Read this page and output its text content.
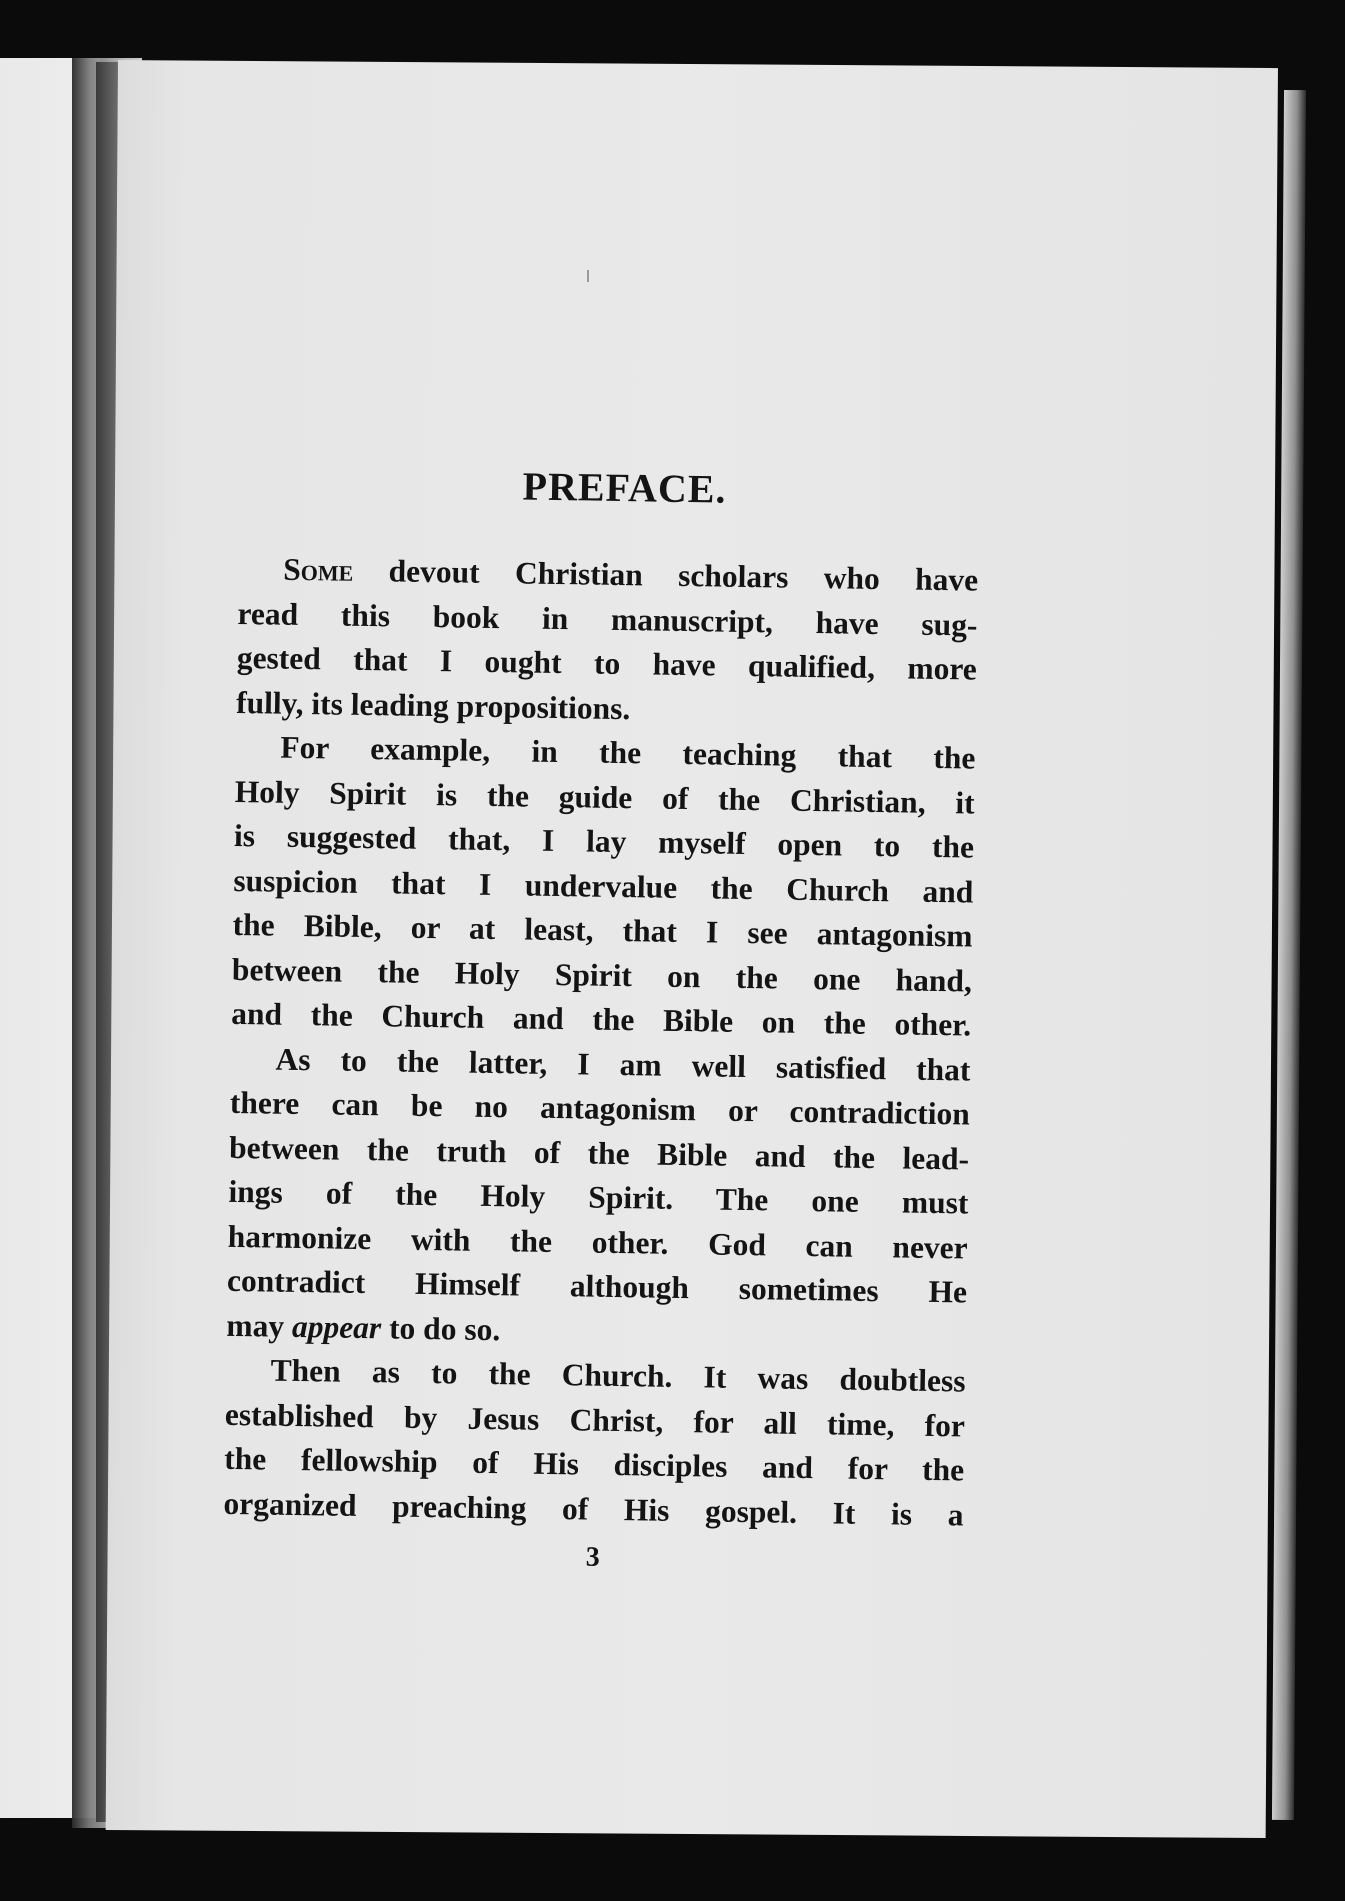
PREFACE.

Some devout Christian scholars who have
read this book in manuscript, have sug-
gested that I ought to have qualified, more
fully, its leading propositions.

For example, in the teaching that the
Holy Spirit is the guide of the Christian, it
is suggested that, I lay myself open to the
suspicion that I undervalue the Church and
the Bible, or at least, that I see antagonism
between the Holy Spirit on the one hand,
and the Church and the Bible on the other.

As to the latter, I am well satisfied that
there can be no antagonism or contradiction
between the truth of the Bible and the lead-
ings of the Holy Spirit. The one must
harmonize with the other. God can never
contradict Himself although sometimes He
may appear to do so.

Then as to the Church. It was doubtless
established by Jesus Christ, for all time, for
the fellowship of His disciples and for the
organized preaching of His gospel. It is a

3
